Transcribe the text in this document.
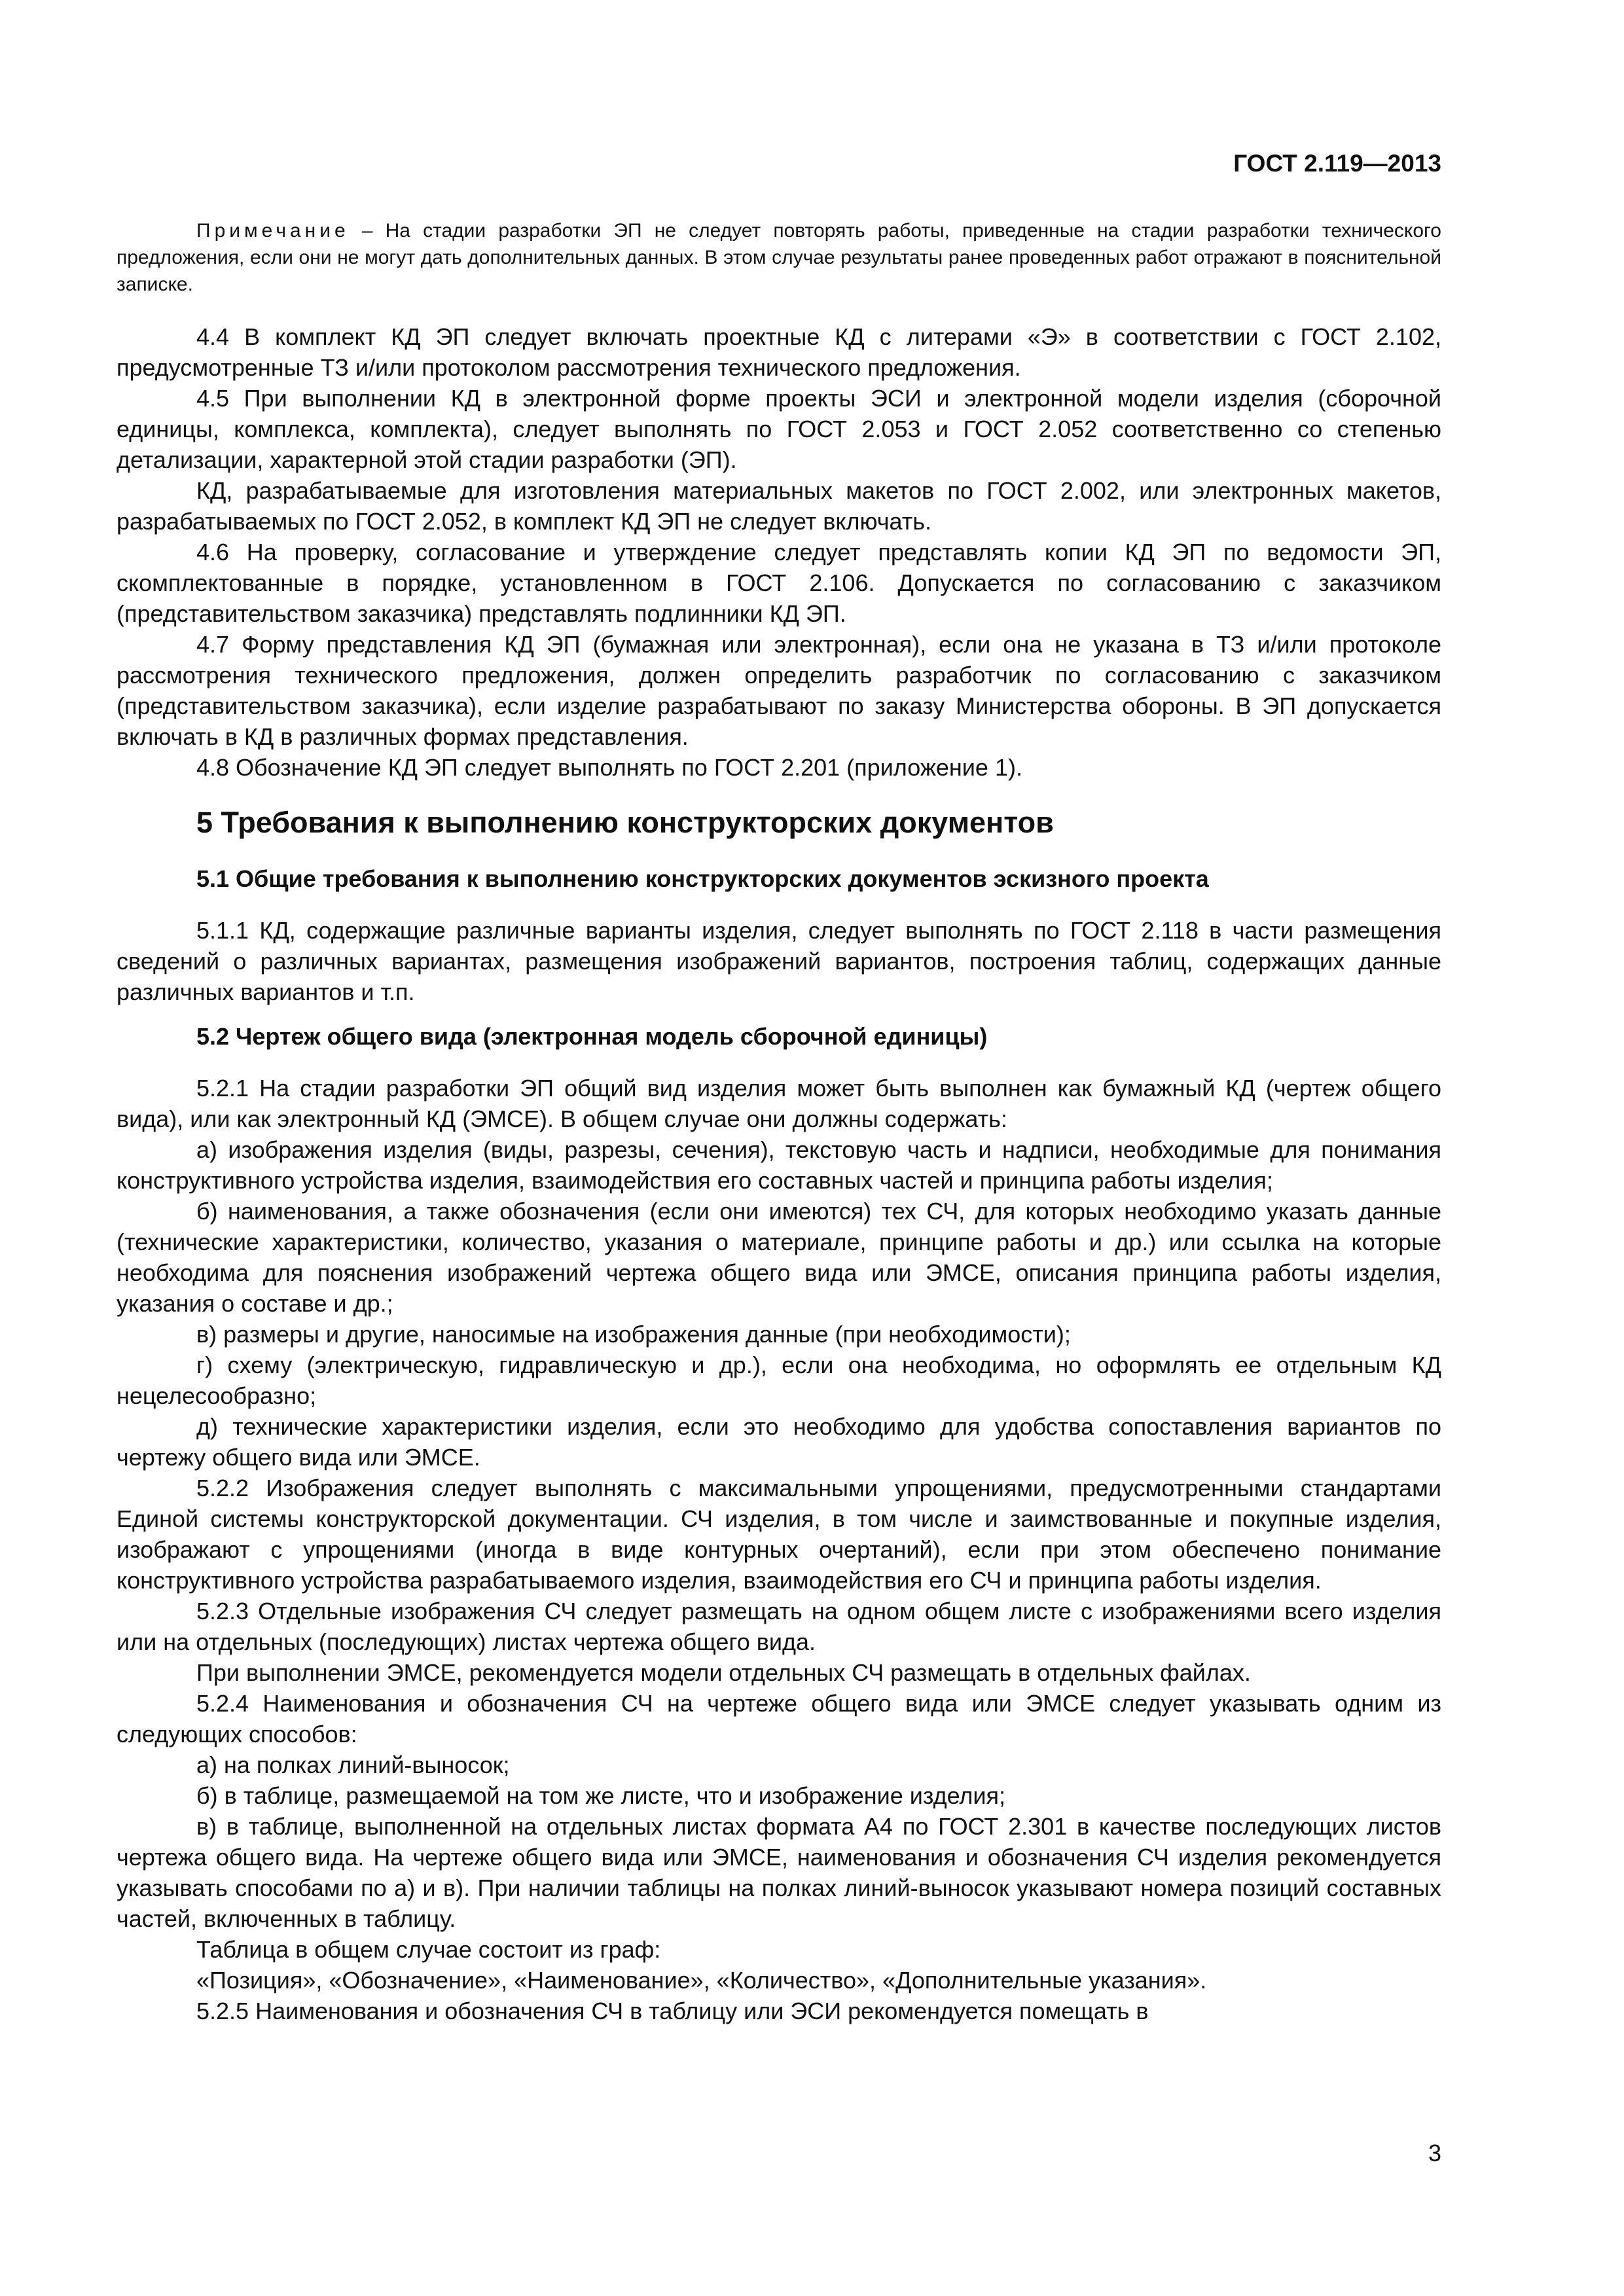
ГОСТ 2.119—2013
Примечание – На стадии разработки ЭП не следует повторять работы, приведенные на стадии разработки технического предложения, если они не могут дать дополнительных данных. В этом случае результаты ранее проведенных работ отражают в пояснительной записке.

4.4 В комплект КД ЭП следует включать проектные КД с литерами «Э» в соответствии с ГОСТ 2.102, предусмотренные ТЗ и/или протоколом рассмотрения технического предложения.

4.5 При выполнении КД в электронной форме проекты ЭСИ и электронной модели изделия (сборочной единицы, комплекса, комплекта), следует выполнять по ГОСТ 2.053 и ГОСТ 2.052 соответственно со степенью детализации, характерной этой стадии разработки (ЭП).

КД, разрабатываемые для изготовления материальных макетов по ГОСТ 2.002, или электронных макетов, разрабатываемых по ГОСТ 2.052, в комплект КД ЭП не следует включать.

4.6 На проверку, согласование и утверждение следует представлять копии КД ЭП по ведомости ЭП, скомплектованные в порядке, установленном в ГОСТ 2.106. Допускается по согласованию с заказчиком (представительством заказчика) представлять подлинники КД ЭП.

4.7 Форму представления КД ЭП (бумажная или электронная), если она не указана в ТЗ и/или протоколе рассмотрения технического предложения, должен определить разработчик по согласованию с заказчиком (представительством заказчика), если изделие разрабатывают по заказу Министерства обороны. В ЭП допускается включать в КД в различных формах представления.

4.8 Обозначение КД ЭП следует выполнять по ГОСТ 2.201 (приложение 1).

5 Требования к выполнению конструкторских документов
5.1 Общие требования к выполнению конструкторских документов эскизного проекта

5.1.1 КД, содержащие различные варианты изделия, следует выполнять по ГОСТ 2.118 в части размещения сведений о различных вариантах, размещения изображений вариантов, построения таблиц, содержащих данные различных вариантов и т.п.

5.2 Чертеж общего вида (электронная модель сборочной единицы)

5.2.1 На стадии разработки ЭП общий вид изделия может быть выполнен как бумажный КД (чертеж общего вида), или как электронный КД (ЭМСЕ). В общем случае они должны содержать:

а) изображения изделия (виды, разрезы, сечения), текстовую часть и надписи, необходимые для понимания конструктивного устройства изделия, взаимодействия его составных частей и принципа работы изделия;

б) наименования, а также обозначения (если они имеются) тех СЧ, для которых необходимо указать данные (технические характеристики, количество, указания о материале, принципе работы и др.) или ссылка на которые необходима для пояснения изображений чертежа общего вида или ЭМСЕ, описания принципа работы изделия, указания о составе и др.;

в) размеры и другие, наносимые на изображения данные (при необходимости);

г) схему (электрическую, гидравлическую и др.), если она необходима, но оформлять ее отдельным КД нецелесообразно;

д) технические характеристики изделия, если это необходимо для удобства сопоставления вариантов по чертежу общего вида или ЭМСЕ.

5.2.2 Изображения следует выполнять с максимальными упрощениями, предусмотренными стандартами Единой системы конструкторской документации. СЧ изделия, в том числе и заимствованные и покупные изделия, изображают с упрощениями (иногда в виде контурных очертаний), если при этом обеспечено понимание конструктивного устройства разрабатываемого изделия, взаимодействия его СЧ и принципа работы изделия.

5.2.3 Отдельные изображения СЧ следует размещать на одном общем листе с изображениями всего изделия или на отдельных (последующих) листах чертежа общего вида.

При выполнении ЭМСЕ, рекомендуется модели отдельных СЧ размещать в отдельных файлах.

5.2.4 Наименования и обозначения СЧ на чертеже общего вида или ЭМСЕ следует указывать одним из следующих способов:

а) на полках линий-выносок;

б) в таблице, размещаемой на том же листе, что и изображение изделия;

в) в таблице, выполненной на отдельных листах формата А4 по ГОСТ 2.301 в качестве последующих листов чертежа общего вида. На чертеже общего вида или ЭМСЕ, наименования и обозначения СЧ изделия рекомендуется указывать способами по а) и в). При наличии таблицы на полках линий-выносок указывают номера позиций составных частей, включенных в таблицу.

Таблица в общем случае состоит из граф:

«Позиция», «Обозначение», «Наименование», «Количество», «Дополнительные указания».

5.2.5 Наименования и обозначения СЧ в таблицу или ЭСИ рекомендуется помещать в

3
